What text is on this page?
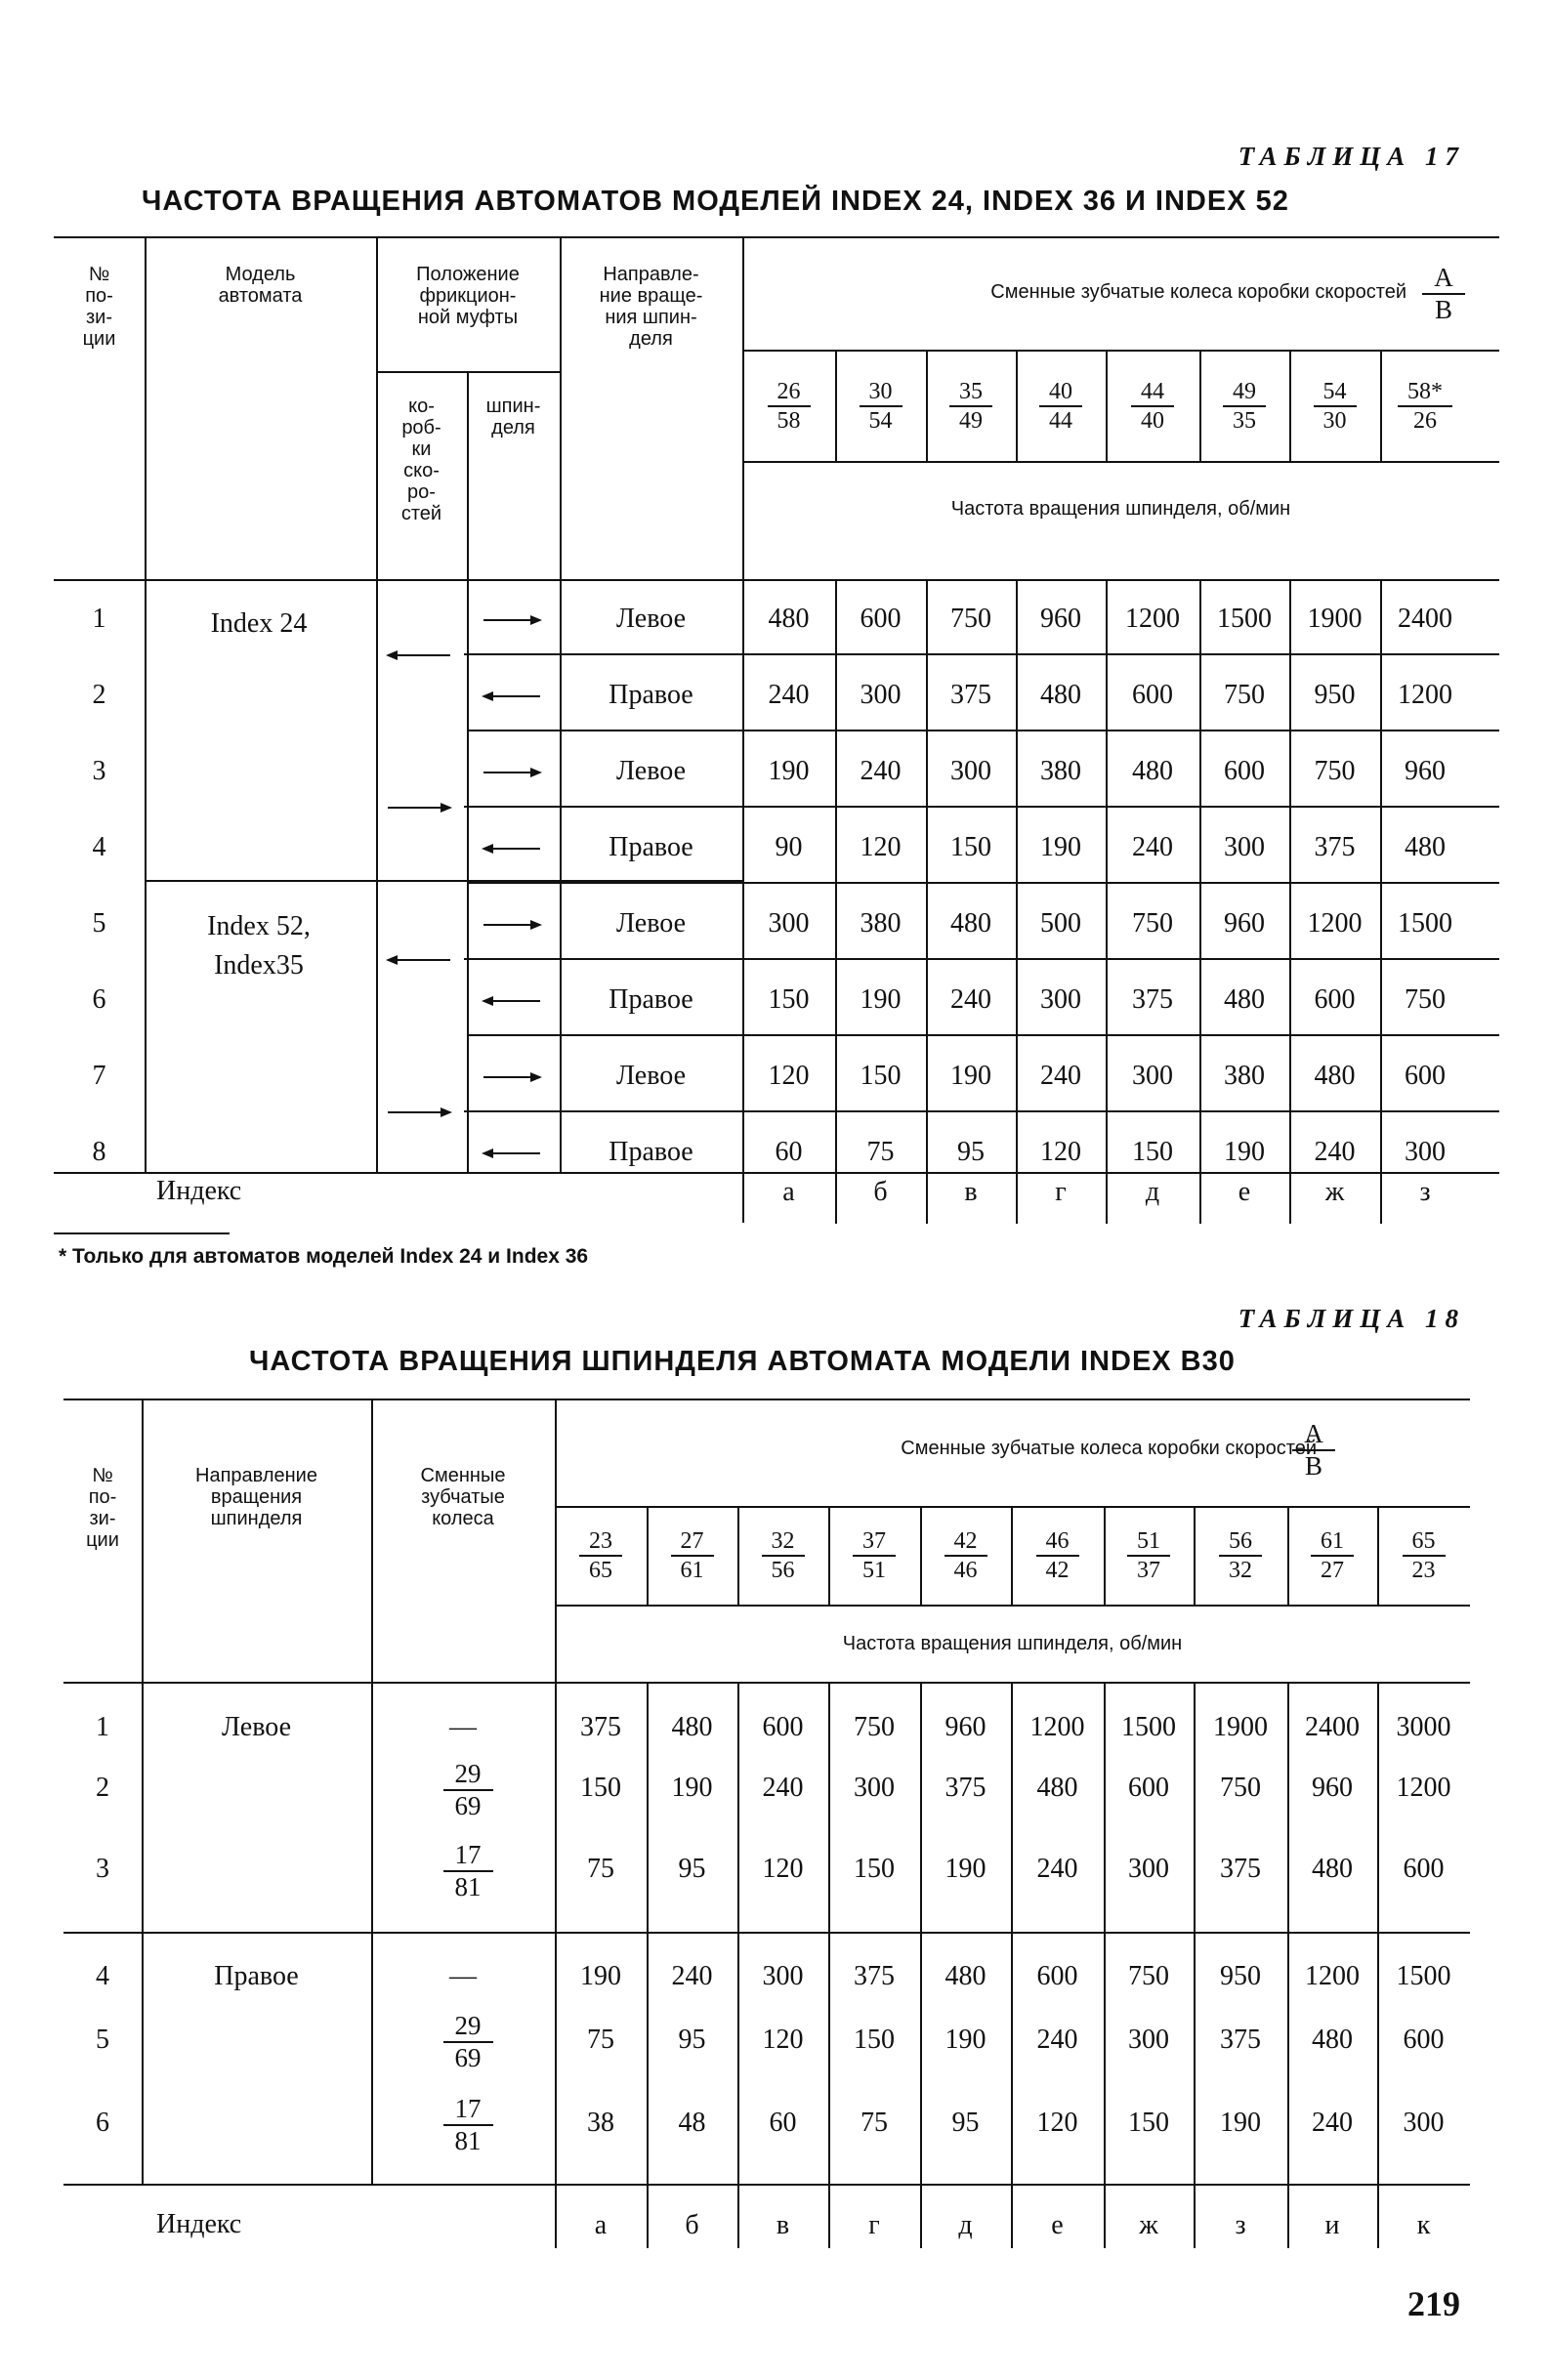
ТАБЛИЦА 17
ЧАСТОТА ВРАЩЕНИЯ АВТОМАТОВ МОДЕЛЕЙ INDEX 24, INDEX 36 И INDEX 52
№
по-
зи-
ции
Модель
автомата
Положение
фрикцион-
ной муфты
ко-
роб-
ки
ско-
ро-
стей
шпин-
деля
Направле-
ние враще-
ния шпин-
деля
Сменные зубчатые колеса коробки скоростей
$\frac{A}{B}$
Частота вращения шпинделя, об/мин
$\frac{26}{58}$
$\frac{30}{54}$
$\frac{35}{49}$
$\frac{40}{44}$
$\frac{44}{40}$
$\frac{49}{35}$
$\frac{54}{30}$
$\frac{58*}{26}$
1	Левое	480	600	750	960	1200	1500	1900	2400
2	Правое	240	300	375	480	600	750	950	1200
3	Левое	190	240	300	380	480	600	750	960
4	Правое	90	120	150	190	240	300	375	480
5	Левое	300	380	480	500	750	960	1200	1500
6	Правое	150	190	240	300	375	480	600	750
7	Левое	120	150	190	240	300	380	480	600
8	Правое	60	75	95	120	150	190	240	300
Index 24
Index 52,
Index35
Индекс	а	б	в	г	д	е	ж	з
* Только для автоматов моделей Index 24 и Index 36
ТАБЛИЦА 18
ЧАСТОТА ВРАЩЕНИЯ ШПИНДЕЛЯ АВТОМАТА МОДЕЛИ INDEX B30
№
по-
зи-
ции
Направление
вращения
шпинделя
Сменные
зубчатые
колеса
Сменные зубчатые колеса коробки скоростей
$\frac{A}{B}$
Частота вращения шпинделя, об/мин
$\frac{23}{65}$
$\frac{27}{61}$
$\frac{32}{56}$
$\frac{37}{51}$
$\frac{42}{46}$
$\frac{46}{42}$
$\frac{51}{37}$
$\frac{56}{32}$
$\frac{61}{27}$
$\frac{65}{23}$
Левое
1	—	375	480	600	750	960	1200	1500	1900	2400	3000
2	$\frac{29}{69}$	150	190	240	300	375	480	600	750	960	1200
3	$\frac{17}{81}$	75	95	120	150	190	240	300	375	480	600
Правое
4	—	190	240	300	375	480	600	750	950	1200	1500
5	$\frac{29}{69}$	75	95	120	150	190	240	300	375	480	600
6	$\frac{17}{81}$	38	48	60	75	95	120	150	190	240	300
Индекс	а	б	в	г	д	е	ж	з	и	к
219
